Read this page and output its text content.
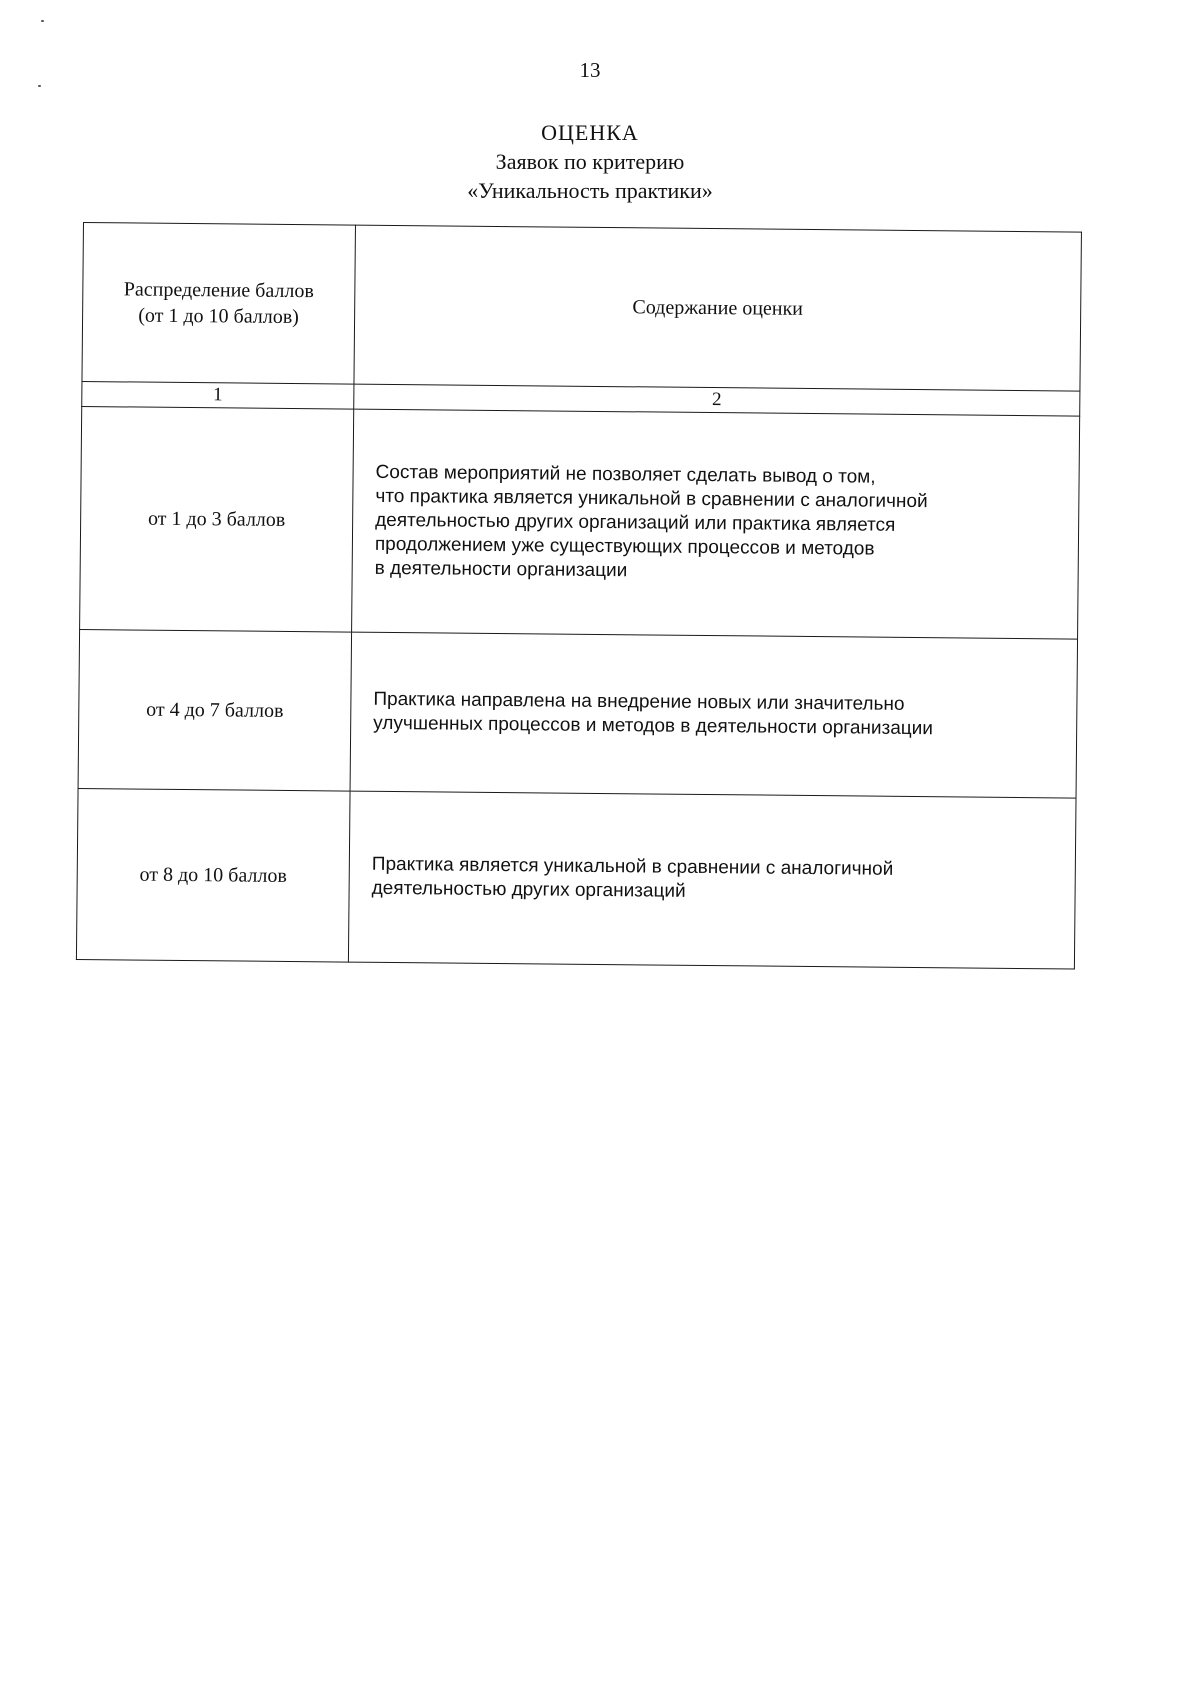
13
ОЦЕНКА
Заявок по критерию
«Уникальность практики»
Распределение баллов
(от 1 до 10 баллов)	Содержание оценки
1	2
от 1 до 3 баллов	Состав мероприятий не позволяет сделать вывод о том,
что практика является уникальной в сравнении с аналогичной
деятельностью других организаций или практика является
продолжением уже существующих процессов и методов
в деятельности организации

от 4 до 7 баллов	Практика направлена на внедрение новых или значительно
улучшенных процессов и методов в деятельности организации

от 8 до 10 баллов	Практика является уникальной в сравнении с аналогичной
деятельностью других организаций
